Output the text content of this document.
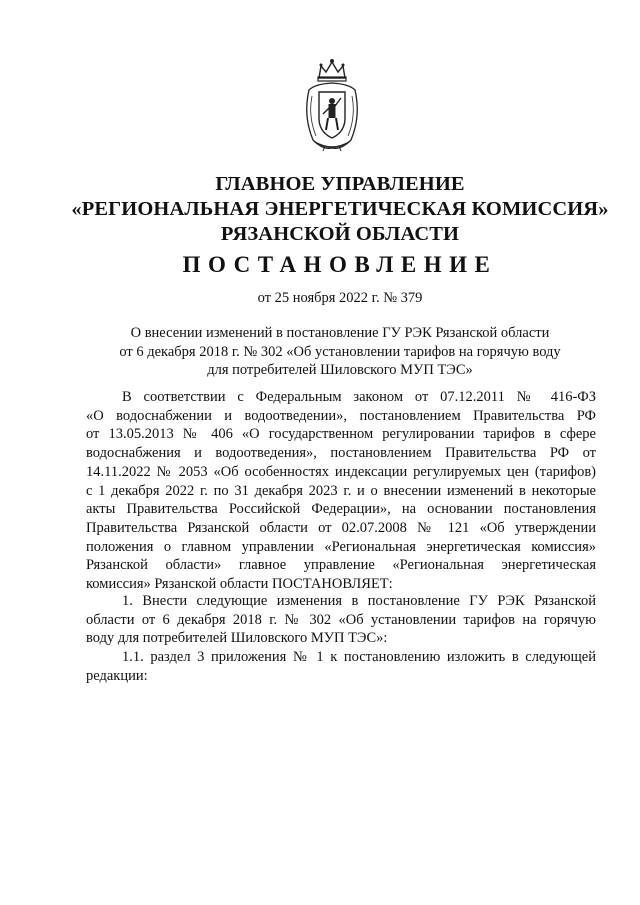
ГЛАВНОЕ УПРАВЛЕНИЕ
«РЕГИОНАЛЬНАЯ ЭНЕРГЕТИЧЕСКАЯ КОМИССИЯ»
РЯЗАНСКОЙ ОБЛАСТИ
ПОСТАНОВЛЕНИЕ
от 25 ноября 2022 г. № 379
О внесении изменений в постановление ГУ РЭК Рязанской области
от 6 декабря 2018 г. № 302 «Об установлении тарифов на горячую воду
для потребителей Шиловского МУП ТЭС»
В соответствии с Федеральным законом от 07.12.2011 № 416-ФЗ
«О водоснабжении и водоотведении», постановлением Правительства РФ
от 13.05.2013 № 406 «О государственном регулировании тарифов в сфере
водоснабжения и водоотведения», постановлением Правительства РФ от
14.11.2022 № 2053 «Об особенностях индексации регулируемых цен (тарифов)
с 1 декабря 2022 г. по 31 декабря 2023 г. и о внесении изменений в некоторые
акты Правительства Российской Федерации», на основании постановления
Правительства Рязанской области от 02.07.2008 № 121 «Об утверждении
положения о главном управлении «Региональная энергетическая комиссия»
Рязанской области» главное управление «Региональная энергетическая
комиссия» Рязанской области ПОСТАНОВЛЯЕТ:
1. Внести следующие изменения в постановление ГУ РЭК Рязанской
области от 6 декабря 2018 г. № 302 «Об установлении тарифов на горячую
воду для потребителей Шиловского МУП ТЭС»:
1.1. раздел 3 приложения № 1 к постановлению изложить в следующей
редакции:
